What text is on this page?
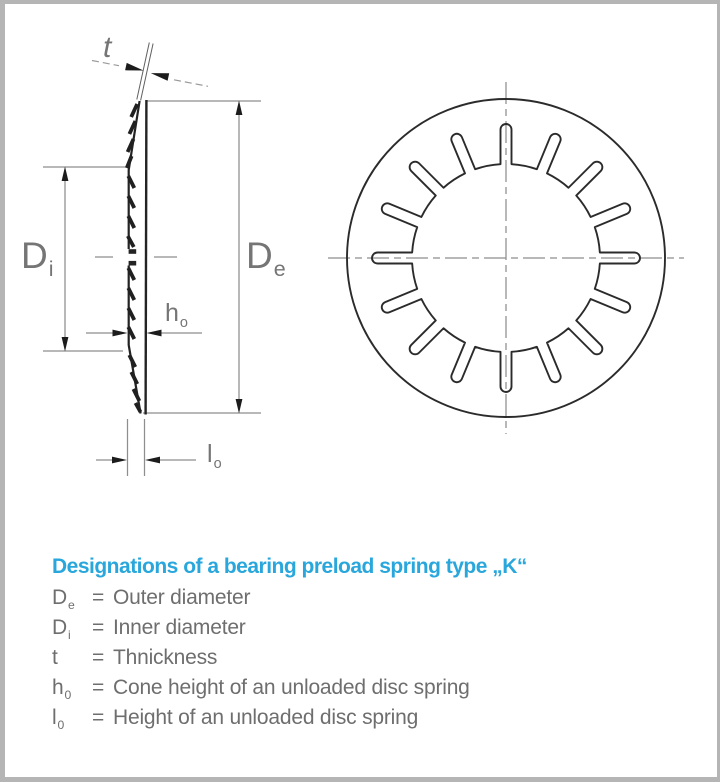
t
$D_i$	$D_e$
$h_o$
$l_o$
Designations of a bearing preload spring type „K“
$D_e$ = Outer diameter
$D_i$	= Inner diameter
t	= Thnickness
$h_0$ = Cone height of an unloaded disc spring
$l_0$	= Height of an unloaded disc spring
